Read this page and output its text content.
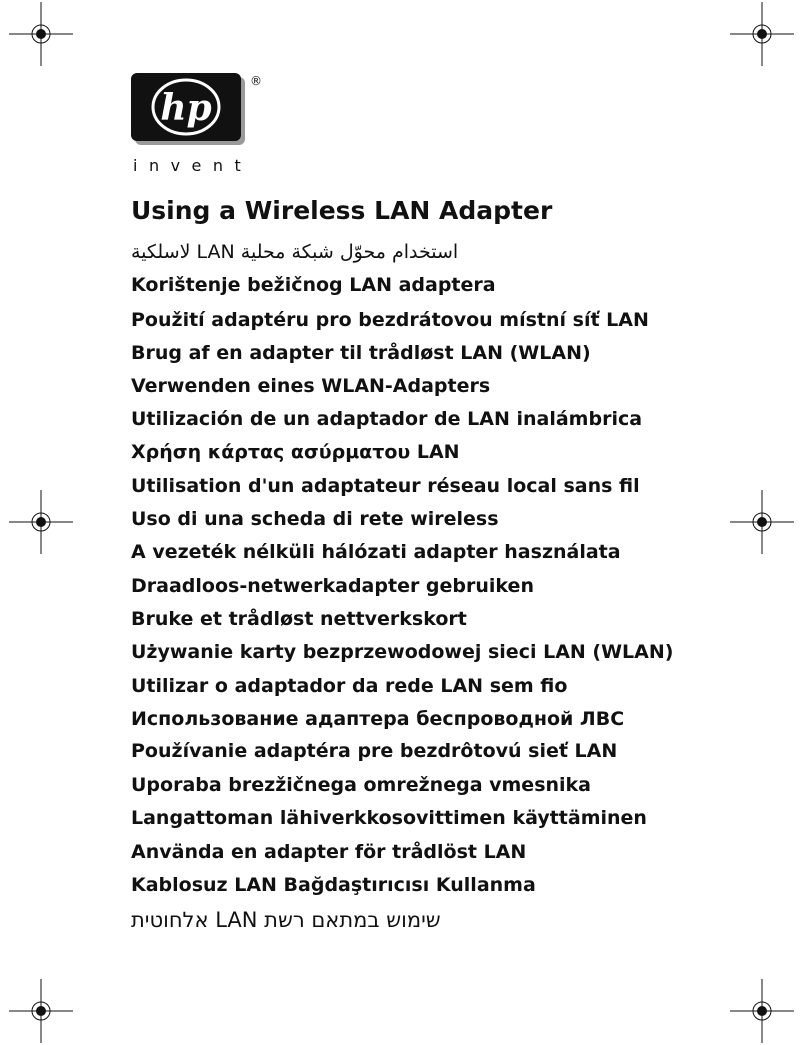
hp
®
invent
Using a Wireless LAN Adapter
استخدام محوّل شبكة محلية LAN لاسلكية
Korištenje bežičnog LAN adaptera
Použití adaptéru pro bezdrátovou místní síť LAN
Brug af en adapter til trådløst LAN (WLAN)
Verwenden eines WLAN-Adapters
Utilización de un adaptador de LAN inalámbrica
Χρήση κάρτας ασύρματου LAN
Utilisation d'un adaptateur réseau local sans fil
Uso di una scheda di rete wireless
A vezeték nélküli hálózati adapter használata
Draadloos-netwerkadapter gebruiken
Bruke et trådløst nettverkskort
Używanie karty bezprzewodowej sieci LAN (WLAN)
Utilizar o adaptador da rede LAN sem fio
Использование адаптера беспроводной ЛВС
Používanie adaptéra pre bezdrôtovú sieť LAN
Uporaba brezžičnega omrežnega vmesnika
Langattoman lähiverkkosovittimen käyttäminen
Använda en adapter för trådlöst LAN
Kablosuz LAN Bağdaştırıcısı Kullanma
שימוש במתאם רשת LAN אלחוטית
